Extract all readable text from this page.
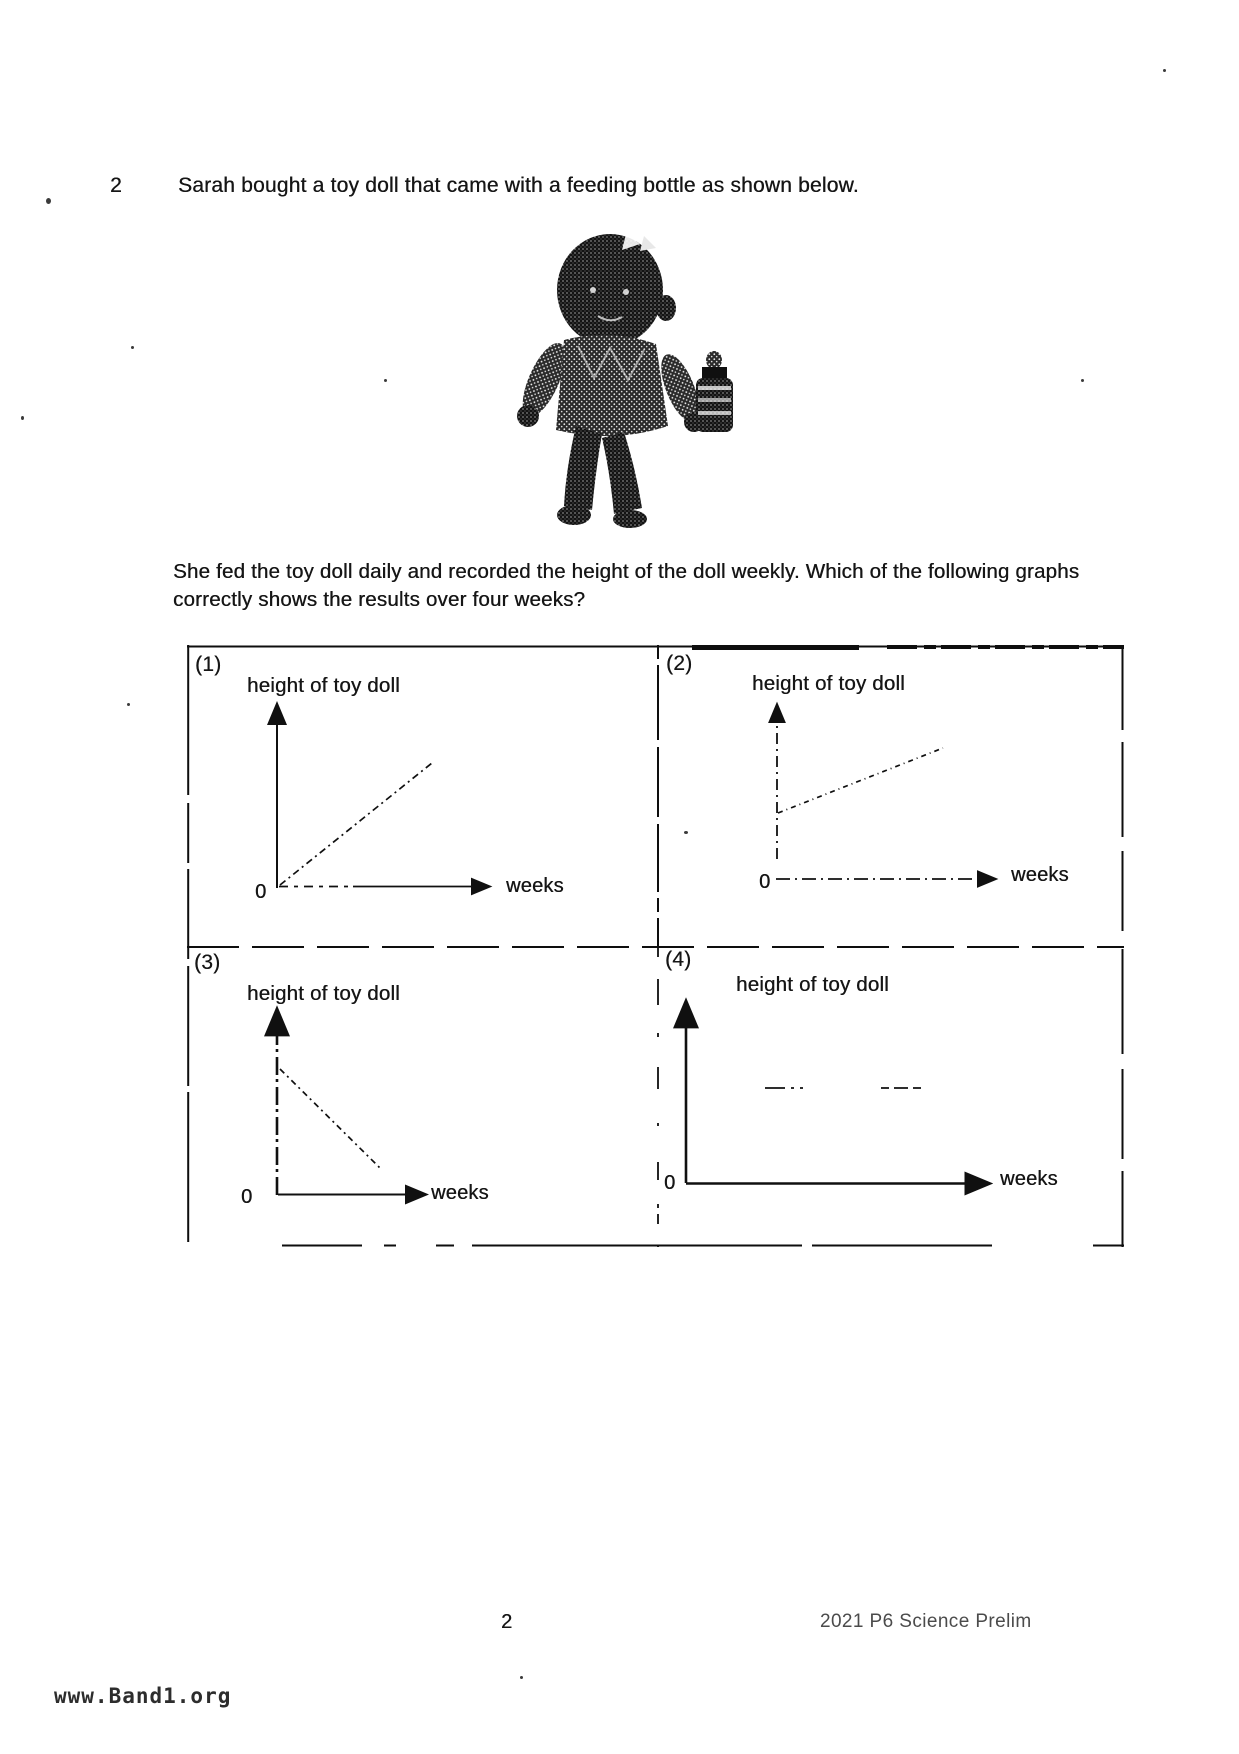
2	Sarah bought a toy doll that came with a feeding bottle as shown below.
She fed the toy doll daily and recorded the height of the doll weekly. Which of the following graphs correctly shows the results over four weeks?
(1)
height of toy doll
0	weeks
(2)
height of toy doll
0	weeks
(3)
height of toy doll
0	weeks
(4)
height of toy doll
0	weeks
2	2021 P6 Science Prelim
www.Band1.org
